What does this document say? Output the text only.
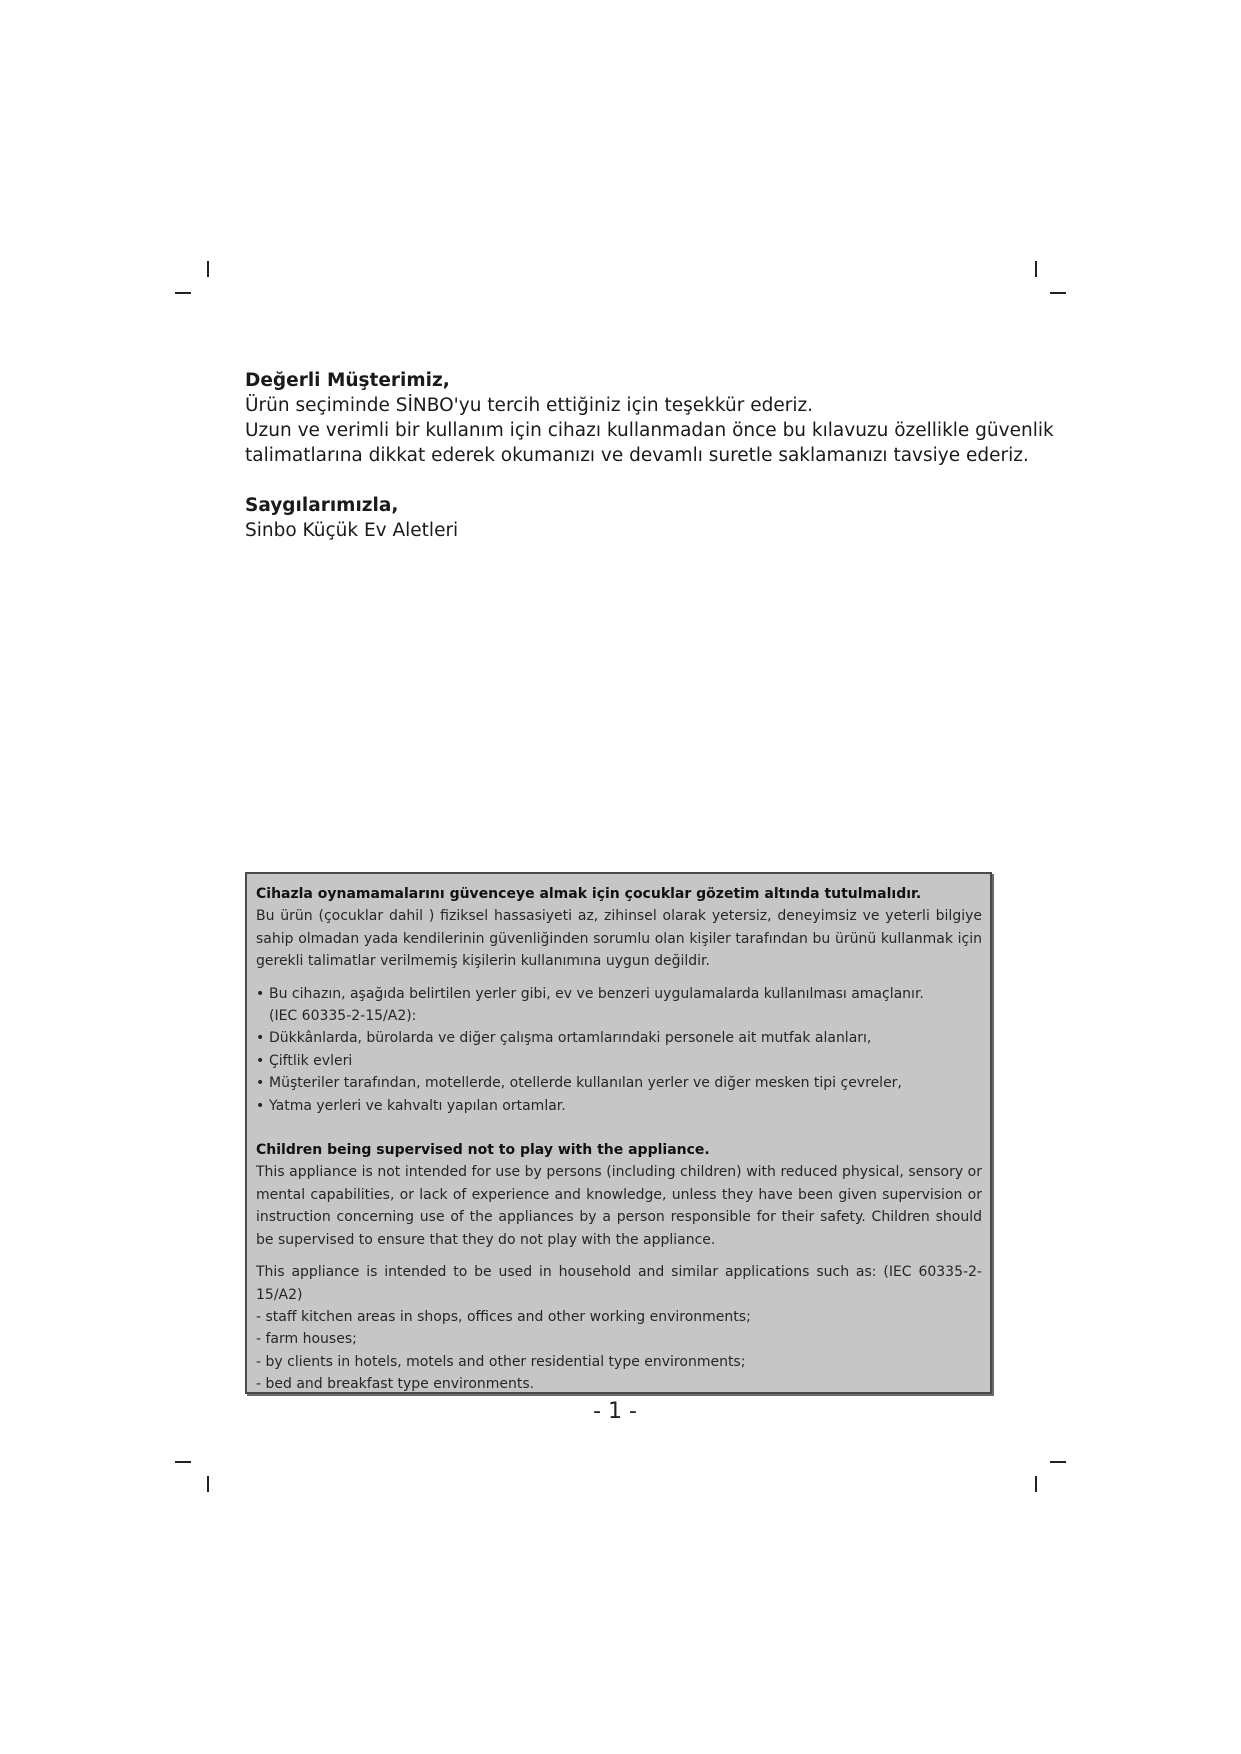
Değerli Müşterimiz,

Ürün seçiminde SİNBO'yu tercih ettiğiniz için teşekkür ederiz.

Uzun ve verimli bir kullanım için cihazı kullanmadan önce bu kılavuzu özellikle güvenlik

talimatlarına dikkat ederek okumanızı ve devamlı suretle saklamanızı tavsiye ederiz.

Saygılarımızla,

Sinbo Küçük Ev Aletleri

Cihazla oynamamalarını güvenceye almak için çocuklar gözetim altında tutulmalıdır.

Bu ürün (çocuklar dahil ) fiziksel hassasiyeti az, zihinsel olarak yetersiz, deneyimsiz ve yeterli bilgiye sahip olmadan yada kendilerinin güvenliğinden sorumlu olan kişiler tarafından bu ürünü kullanmak için gerekli talimatlar verilmemiş kişilerin kullanımına uygun değildir.

• Bu cihazın, aşağıda belirtilen yerler gibi, ev ve benzeri uygulamalarda kullanılması amaçlanır.
(IEC 60335-2-15/A2):
• Dükkânlarda, bürolarda ve diğer çalışma ortamlarındaki personele ait mutfak alanları,
• Çiftlik evleri
• Müşteriler tarafından, motellerde, otellerde kullanılan yerler ve diğer mesken tipi çevreler,
• Yatma yerleri ve kahvaltı yapılan ortamlar.

Children being supervised not to play with the appliance.

This appliance is not intended for use by persons (including children) with reduced physical, sensory or mental capabilities, or lack of experience and knowledge, unless they have been given supervision or instruction concerning use of the appliances by a person responsible for their safety. Children should be supervised to ensure that they do not play with the appliance.

This appliance is intended to be used in household and similar applications such as: (IEC 60335-2-15/A2)

- staff kitchen areas in shops, offices and other working environments;

- farm houses;

- by clients in hotels, motels and other residential type environments;

- bed and breakfast type environments.

- 1 -
